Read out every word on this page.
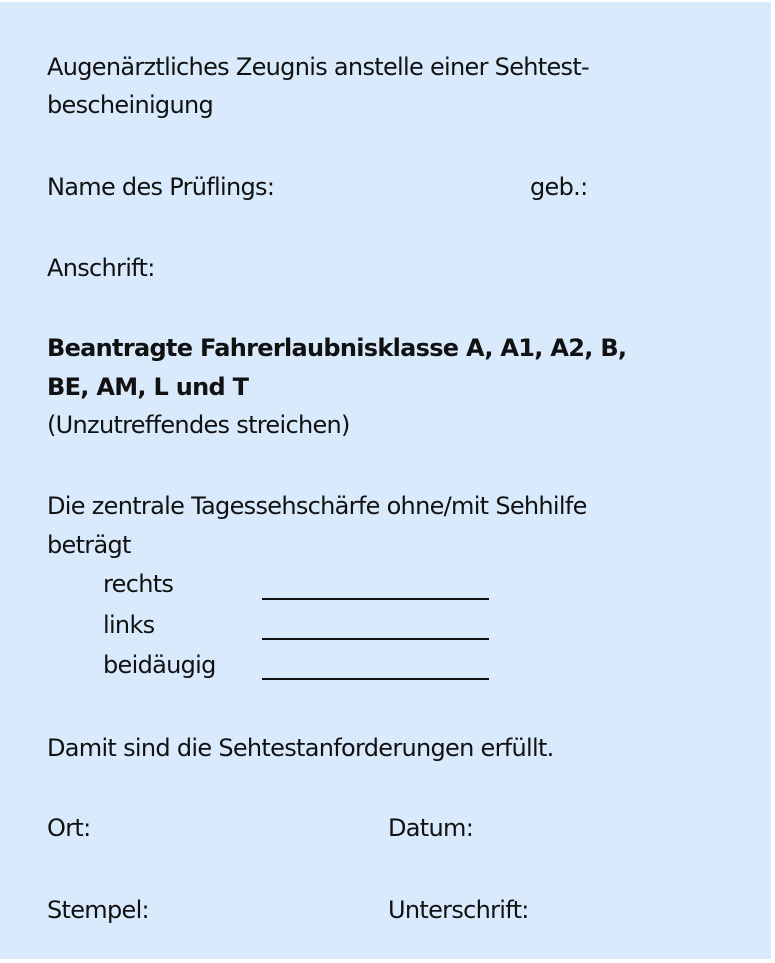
Augenärztliches Zeugnis anstelle einer Sehtest-
bescheinigung
Name des Prüflings:	geb.:
Anschrift:
Beantragte Fahrerlaubnisklasse A, A1, A2, B,
BE, AM, L und T
(Unzutreffendes streichen)
Die zentrale Tagessehschärfe ohne/mit Sehhilfe
beträgt
rechts
links
beidäugig
Damit sind die Sehtestanforderungen erfüllt.
Ort:	Datum:
Stempel:	Unterschrift:
